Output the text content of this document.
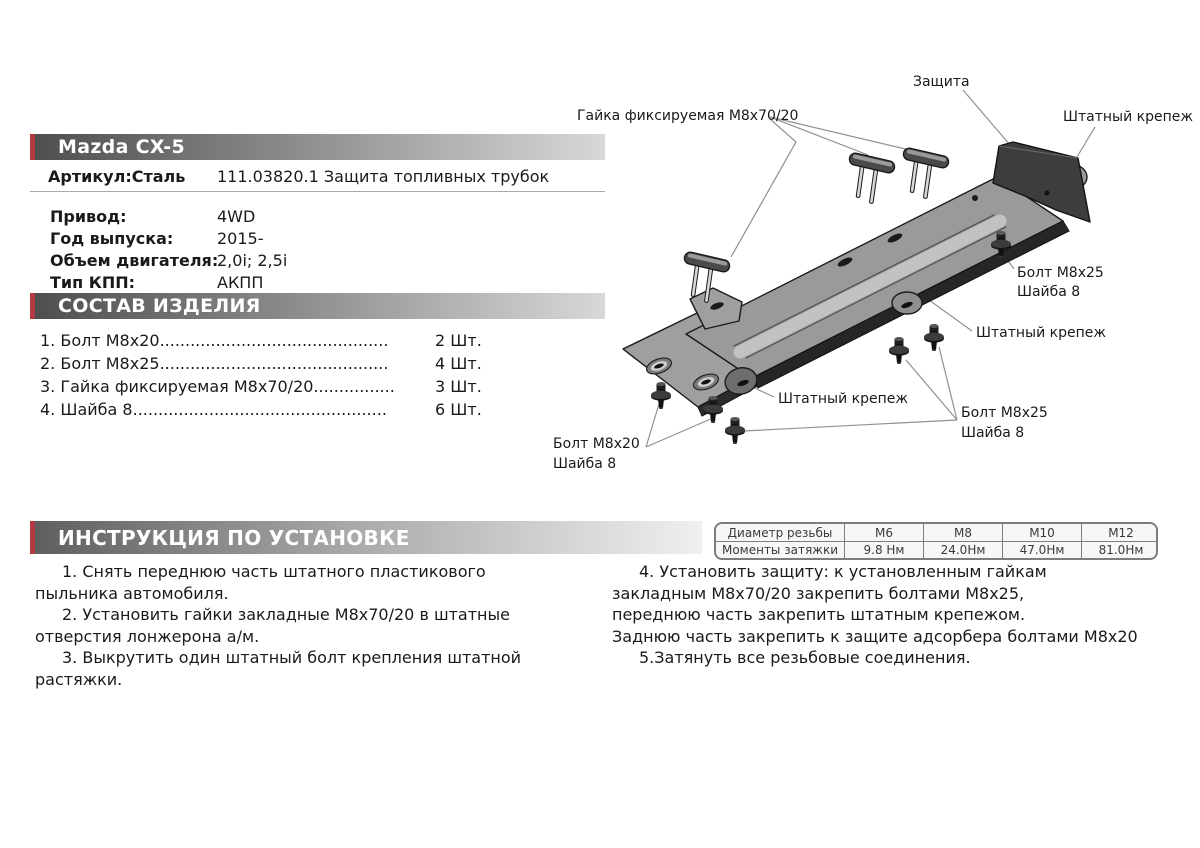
Mazda CX-5
Артикул:Сталь 111.03820.1 Защита топливных трубок
Привод:	4WD
Год выпуска:	2015-
Объем двигателя:
2,0i; 2,5i
Тип КПП:	АКПП
СОСТАВ ИЗДЕЛИЯ
1. Болт М8х20.............................................	2 Шт.
2. Болт М8х25.............................................	4 Шт.
3. Гайка фиксируемая М8х70/20................	3 Шт.
4. Шайба 8..................................................	6 Шт.
ИНСТРУКЦИЯ ПО УСТАНОВКЕ
1. Снять переднюю часть штатного пластикового
пыльника автомобиля.
2. Установить гайки закладные М8х70/20 в штатные
отверстия лонжерона а/м.
3. Выкрутить один штатный болт крепления штатной
растяжки.
4. Установить защиту: к установленным гайкам
закладным М8х70/20 закрепить болтами М8х25,
переднюю часть закрепить штатным крепежом.
Заднюю часть закрепить к защите адсорбера болтами М8х20
5.Затянуть все резьбовые соединения.
Диаметр резьбы	М6	М8	М10	М12
Моменты затяжки	9.8 Нм	24.0Нм	47.0Нм	81.0Нм
Защита
Штатный крепеж
Гайка фиксируемая М8х70/20
Болт М8х25
Шайба 8
Штатный крепеж
Штатный крепеж
Болт М8х25
Шайба 8
Болт М8х20
Шайба 8
